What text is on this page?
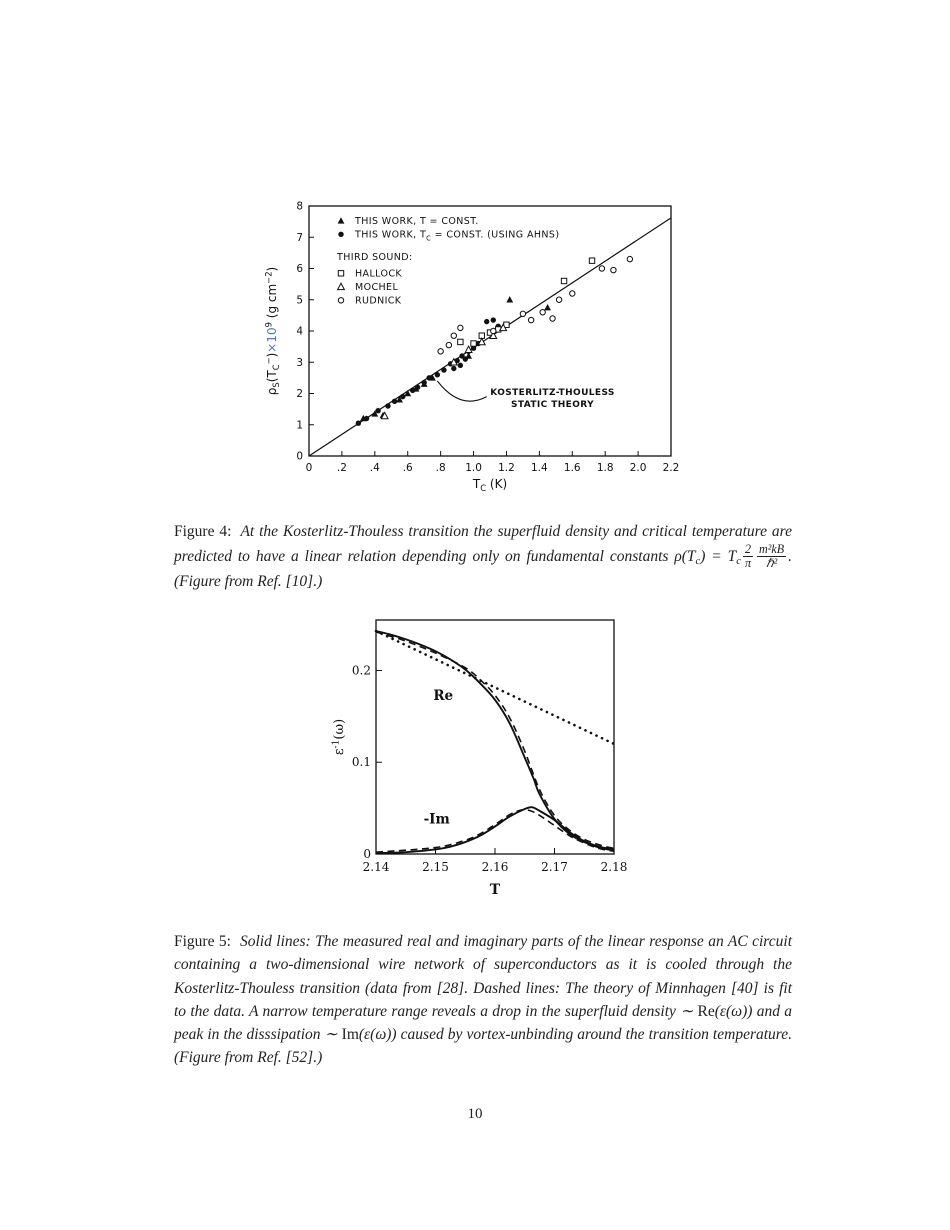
0 .2 .4 .6 .8 1.0 1.2 1.4 1.6 1.8 2.0 2.2
0
1
2
3
4
5
6
7
8
THIS WORK, T = CONST.
THIS WORK, $T_C$ = CONST. (USING AHNS)
THIRD SOUND:
HALLOCK
MOCHEL
RUDNICK
KOSTERLITZ-THOULESS
STATIC THEORY
$T_C$ (K)
$\rho_S(T_C^-)\times 10^9$ (g $cm^{-2}$)

Figure 4: At the Kosterlitz-Thouless transition the superfluid density and critical temperature are predicted to have a linear relation depending only on fundamental constants $\rho(T_c) = T_c \frac{2}{\pi} \frac{\text{m²kB}}{\text{ℏ²}}$ . (Figure from Ref. [10].)

2.14	2.15	2.16	2.17	2.18
0
0.1
0.2
Re
-Im
T
$\varepsilon^{-1}(\omega)$

Figure 5: Solid lines: The measured real and imaginary parts of the linear response an AC circuit containing a two-dimensional wire network of superconductors as it is cooled through the Kosterlitz-Thouless transition (data from [28]. Dashed lines: The theory of Minnhagen [40] is fit to the data. A narrow temperature range reveals a drop in the superfluid density ∼ Re(ε(ω)) and a peak in the disssipation ∼ Im(ε(ω)) caused by vortex-unbinding around the transition temperature. (Figure from Ref. [52].)

10
